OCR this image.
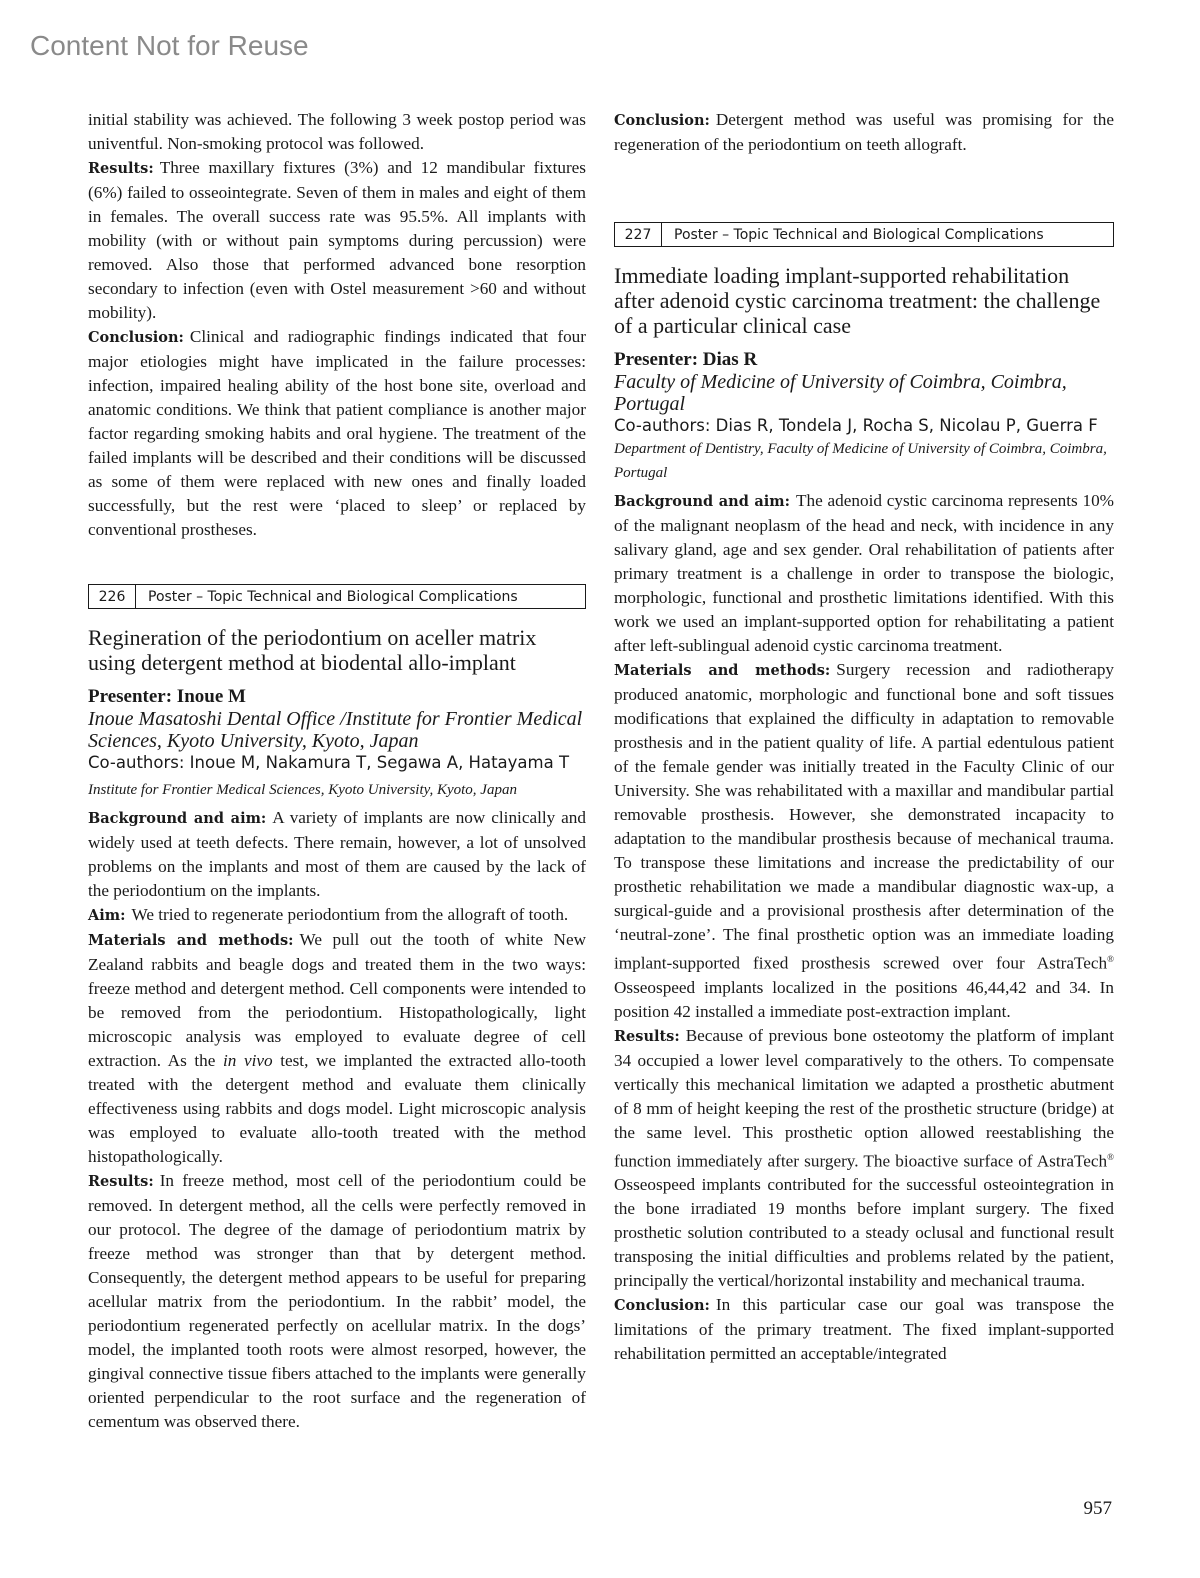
Content Not for Reuse

initial stability was achieved. The following 3 week postop period was univentful. Non-smoking protocol was followed.

Results: Three maxillary fixtures (3%) and 12 mandibular fixtures (6%) failed to osseointegrate. Seven of them in males and eight of them in females. The overall success rate was 95.5%. All implants with mobility (with or without pain symptoms during percussion) were removed. Also those that performed advanced bone resorption secondary to infection (even with Ostel measurement >60 and without mobility).

Conclusion: Clinical and radiographic findings indicated that four major etiologies might have implicated in the failure processes: infection, impaired healing ability of the host bone site, overload and anatomic conditions. We think that patient compliance is another major factor regarding smoking habits and oral hygiene. The treatment of the failed implants will be described and their conditions will be discussed as some of them were replaced with new ones and finally loaded successfully, but the rest were ‘placed to sleep’ or replaced by conventional prostheses.

226	Poster – Topic Technical and Biological Complications
Regineration of the periodontium on aceller matrix using detergent method at biodental allo-implant
Presenter: Inoue M
Inoue Masatoshi Dental Office /Institute for Frontier Medical Sciences, Kyoto University, Kyoto, Japan
Co-authors: Inoue M, Nakamura T, Segawa A, Hatayama T
Institute for Frontier Medical Sciences, Kyoto University, Kyoto, Japan

Background and aim: A variety of implants are now clinically and widely used at teeth defects. There remain, however, a lot of unsolved problems on the implants and most of them are caused by the lack of the periodontium on the implants.

Aim: We tried to regenerate periodontium from the allograft of tooth.

Materials and methods: We pull out the tooth of white New Zealand rabbits and beagle dogs and treated them in the two ways: freeze method and detergent method. Cell components were intended to be removed from the periodontium. Histopathologically, light microscopic analysis was employed to evaluate degree of cell extraction. As the in vivo test, we implanted the extracted allo-tooth treated with the detergent method and evaluate them clinically effectiveness using rabbits and dogs model. Light microscopic analysis was employed to evaluate allo-tooth treated with the method histopathologically.

Results: In freeze method, most cell of the periodontium could be removed. In detergent method, all the cells were perfectly removed in our protocol. The degree of the damage of periodontium matrix by freeze method was stronger than that by detergent method. Consequently, the detergent method appears to be useful for preparing acellular matrix from the periodontium. In the rabbit’ model, the periodontium regenerated perfectly on acellular matrix. In the dogs’ model, the implanted tooth roots were almost resorped, however, the gingival connective tissue fibers attached to the implants were generally oriented perpendicular to the root surface and the regeneration of cementum was observed there.

Conclusion: Detergent method was useful was promising for the regeneration of the periodontium on teeth allograft.

227	Poster – Topic Technical and Biological Complications
Immediate loading implant-supported rehabilitation after adenoid cystic carcinoma treatment: the challenge of a particular clinical case
Presenter: Dias R
Faculty of Medicine of University of Coimbra, Coimbra, Portugal
Co-authors: Dias R, Tondela J, Rocha S, Nicolau P, Guerra F
Department of Dentistry, Faculty of Medicine of University of Coimbra, Coimbra, Portugal

Background and aim: The adenoid cystic carcinoma represents 10% of the malignant neoplasm of the head and neck, with incidence in any salivary gland, age and sex gender. Oral rehabilitation of patients after primary treatment is a challenge in order to transpose the biologic, morphologic, functional and prosthetic limitations identified. With this work we used an implant-supported option for rehabilitating a patient after left-sublingual adenoid cystic carcinoma treatment.

Materials and methods: Surgery recession and radiotherapy produced anatomic, morphologic and functional bone and soft tissues modifications that explained the difficulty in adaptation to removable prosthesis and in the patient quality of life. A partial edentulous patient of the female gender was initially treated in the Faculty Clinic of our University. She was rehabilitated with a maxillar and mandibular partial removable prosthesis. However, she demonstrated incapacity to adaptation to the mandibular prosthesis because of mechanical trauma. To transpose these limitations and increase the predictability of our prosthetic rehabilitation we made a mandibular diagnostic wax-up, a surgical-guide and a provisional prosthesis after determination of the ‘neutral-zone’. The final prosthetic option was an immediate loading implant-supported fixed prosthesis screwed over four AstraTech® Osseospeed implants localized in the positions 46,44,42 and 34. In position 42 installed a immediate post-extraction implant.

Results: Because of previous bone osteotomy the platform of implant 34 occupied a lower level comparatively to the others. To compensate vertically this mechanical limitation we adapted a prosthetic abutment of 8 mm of height keeping the rest of the prosthetic structure (bridge) at the same level. This prosthetic option allowed reestablishing the function immediately after surgery. The bioactive surface of AstraTech® Osseospeed implants contributed for the successful osteointegration in the bone irradiated 19 months before implant surgery. The fixed prosthetic solution contributed to a steady oclusal and functional result transposing the initial difficulties and problems related by the patient, principally the vertical/horizontal instability and mechanical trauma.

Conclusion: In this particular case our goal was transpose the limitations of the primary treatment. The fixed implant-supported rehabilitation permitted an acceptable/integrated

957
